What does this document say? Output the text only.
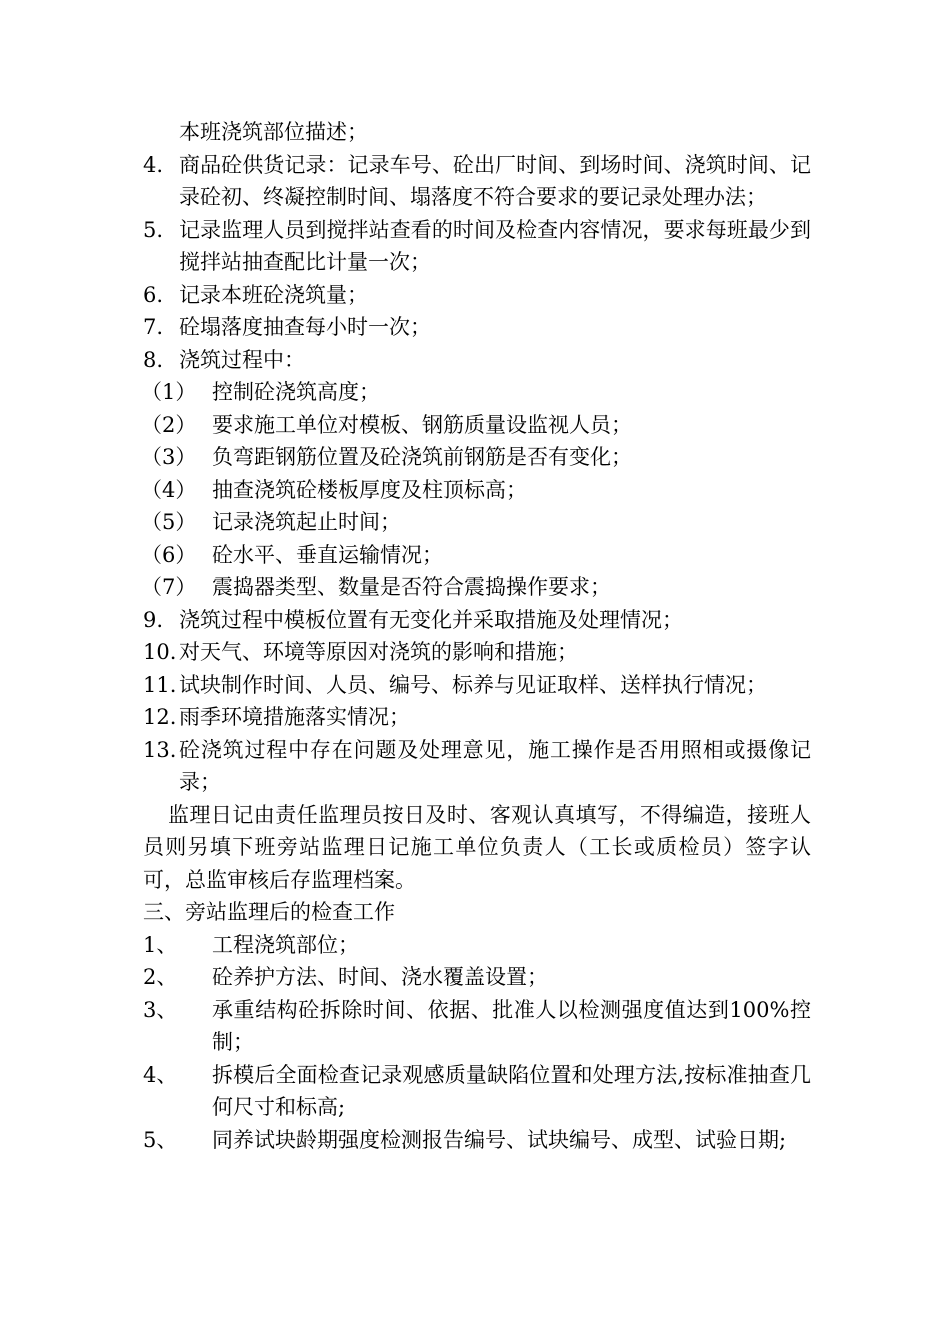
本班浇筑部位描述；
4. 商品砼供货记录：记录车号、砼出厂时间、到场时间、浇筑时间、记录砼初、终凝控制时间、塌落度不符合要求的要记录处理办法；
5. 记录监理人员到搅拌站查看的时间及检查内容情况，要求每班最少到搅拌站抽查配比计量一次；
6. 记录本班砼浇筑量；
7. 砼塌落度抽查每小时一次；
8. 浇筑过程中：
（1） 控制砼浇筑高度；
（2） 要求施工单位对模板、钢筋质量设监视人员；
（3） 负弯距钢筋位置及砼浇筑前钢筋是否有变化；
（4） 抽查浇筑砼楼板厚度及柱顶标高；
（5） 记录浇筑起止时间；
（6） 砼水平、垂直运输情况；
（7） 震捣器类型、数量是否符合震捣操作要求；
9. 浇筑过程中模板位置有无变化并采取措施及处理情况；
10. 对天气、环境等原因对浇筑的影响和措施；
11. 试块制作时间、人员、编号、标养与见证取样、送样执行情况；
12. 雨季环境措施落实情况；
13. 砼浇筑过程中存在问题及处理意见，施工操作是否用照相或摄像记录；
监理日记由责任监理员按日及时、客观认真填写，不得编造，接班人员则另填下班旁站监理日记施工单位负责人（工长或质检员）签字认可，总监审核后存监理档案。
三、旁站监理后的检查工作
1、	工程浇筑部位；
2、	砼养护方法、时间、浇水覆盖设置；
3、	承重结构砼拆除时间、依据、批准人以检测强度值达到100%控制；
4、	拆模后全面检查记录观感质量缺陷位置和处理方法,按标准抽查几何尺寸和标高;
5、	同养试块龄期强度检测报告编号、试块编号、成型、试验日期;
